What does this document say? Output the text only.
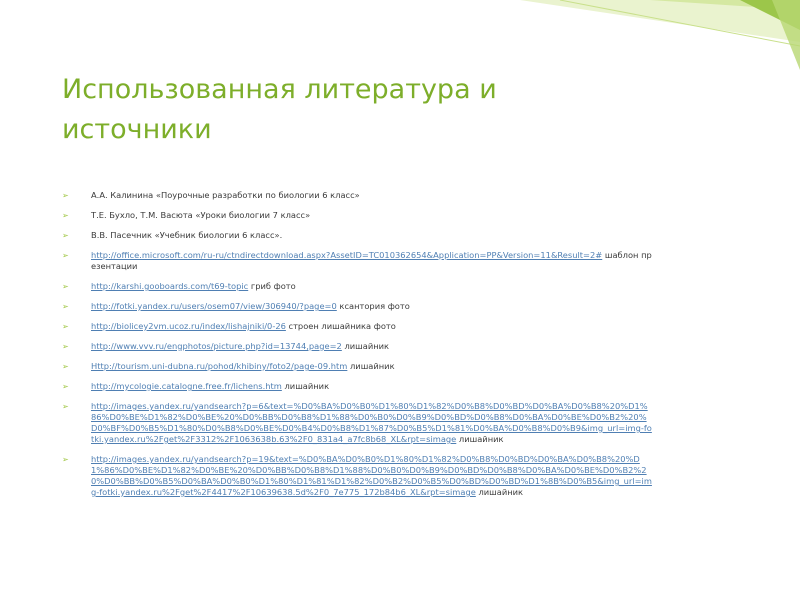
Использованная литература и
источники
➢	А.А. Калинина «Поурочные разработки по биологии 6 класс»
➢	Т.Е. Бухло, Т.М. Васюта «Уроки биологии 7 класс»
➢	В.В. Пасечник «Учебник биологии 6 класс».
➢	http://office.microsoft.com/ru-ru/ctndirectdownload.aspx?AssetID=TC010362654&Application=PP&Version=11&Result=2# шаблон презентации
➢	http://karshi.gooboards.com/t69-topic гриб фото
➢	http://fotki.yandex.ru/users/osem07/view/306940/?page=0 ксантория фото
➢	http://bioliceу2vm.ucoz.ru/index/lishajniki/0-26 строен лишайника фото
➢	http://www.vvv.ru/engphotos/picture.php?id=13744,page=2 лишайник
➢	Http://tourism.uni-dubna.ru/pohod/khibiny/foto2/page-09.htm лишайник
➢	http://mycologie.catalogne.free.fr/lichens.htm лишайник
➢	http://images.yandex.ru/yandsearch?p=6&text=%D0%BA%D0%B0%D1%80%D1%82%D0%B8%D0%BD%D0%BA%D0%B8%20%D1%86%D0%BE%D1%82%D0%BE%20%D0%BB%D0%B8%D1%88%D0%B0%D0%B9%D0%BD%D0%B8%D0%BA%D0%BE%D0%B2%20%D0%BF%D0%B5%D1%80%D0%B8%D0%BE%D0%B4%D0%B8%D1%87%D0%B5%D1%81%D0%BA%D0%B8%D0%B9&img_url=img-fotki.yandex.ru%2Fget%2F3312%2F1063638b.63%2F0_831a4_a7fc8b68_XL&rpt=simage лишайник
➢	http://images.yandex.ru/yandsearch?p=19&text=%D0%BA%D0%B0%D1%80%D1%82%D0%B8%D0%BD%D0%BA%D0%B8%20%D1%86%D0%BE%D1%82%D0%BE%20%D0%BB%D0%B8%D1%88%D0%B0%D0%B9%D0%BD%D0%B8%D0%BA%D0%BE%D0%B2%20%D0%BB%D0%B5%D0%BA%D0%B0%D1%80%D1%81%D1%82%D0%B2%D0%B5%D0%BD%D0%BD%D1%8B%D0%B5&img_url=img-fotki.yandex.ru%2Fget%2F4417%2F10639638.5d%2F0_7e775_172b84b6_XL&rpt=simage лишайник
